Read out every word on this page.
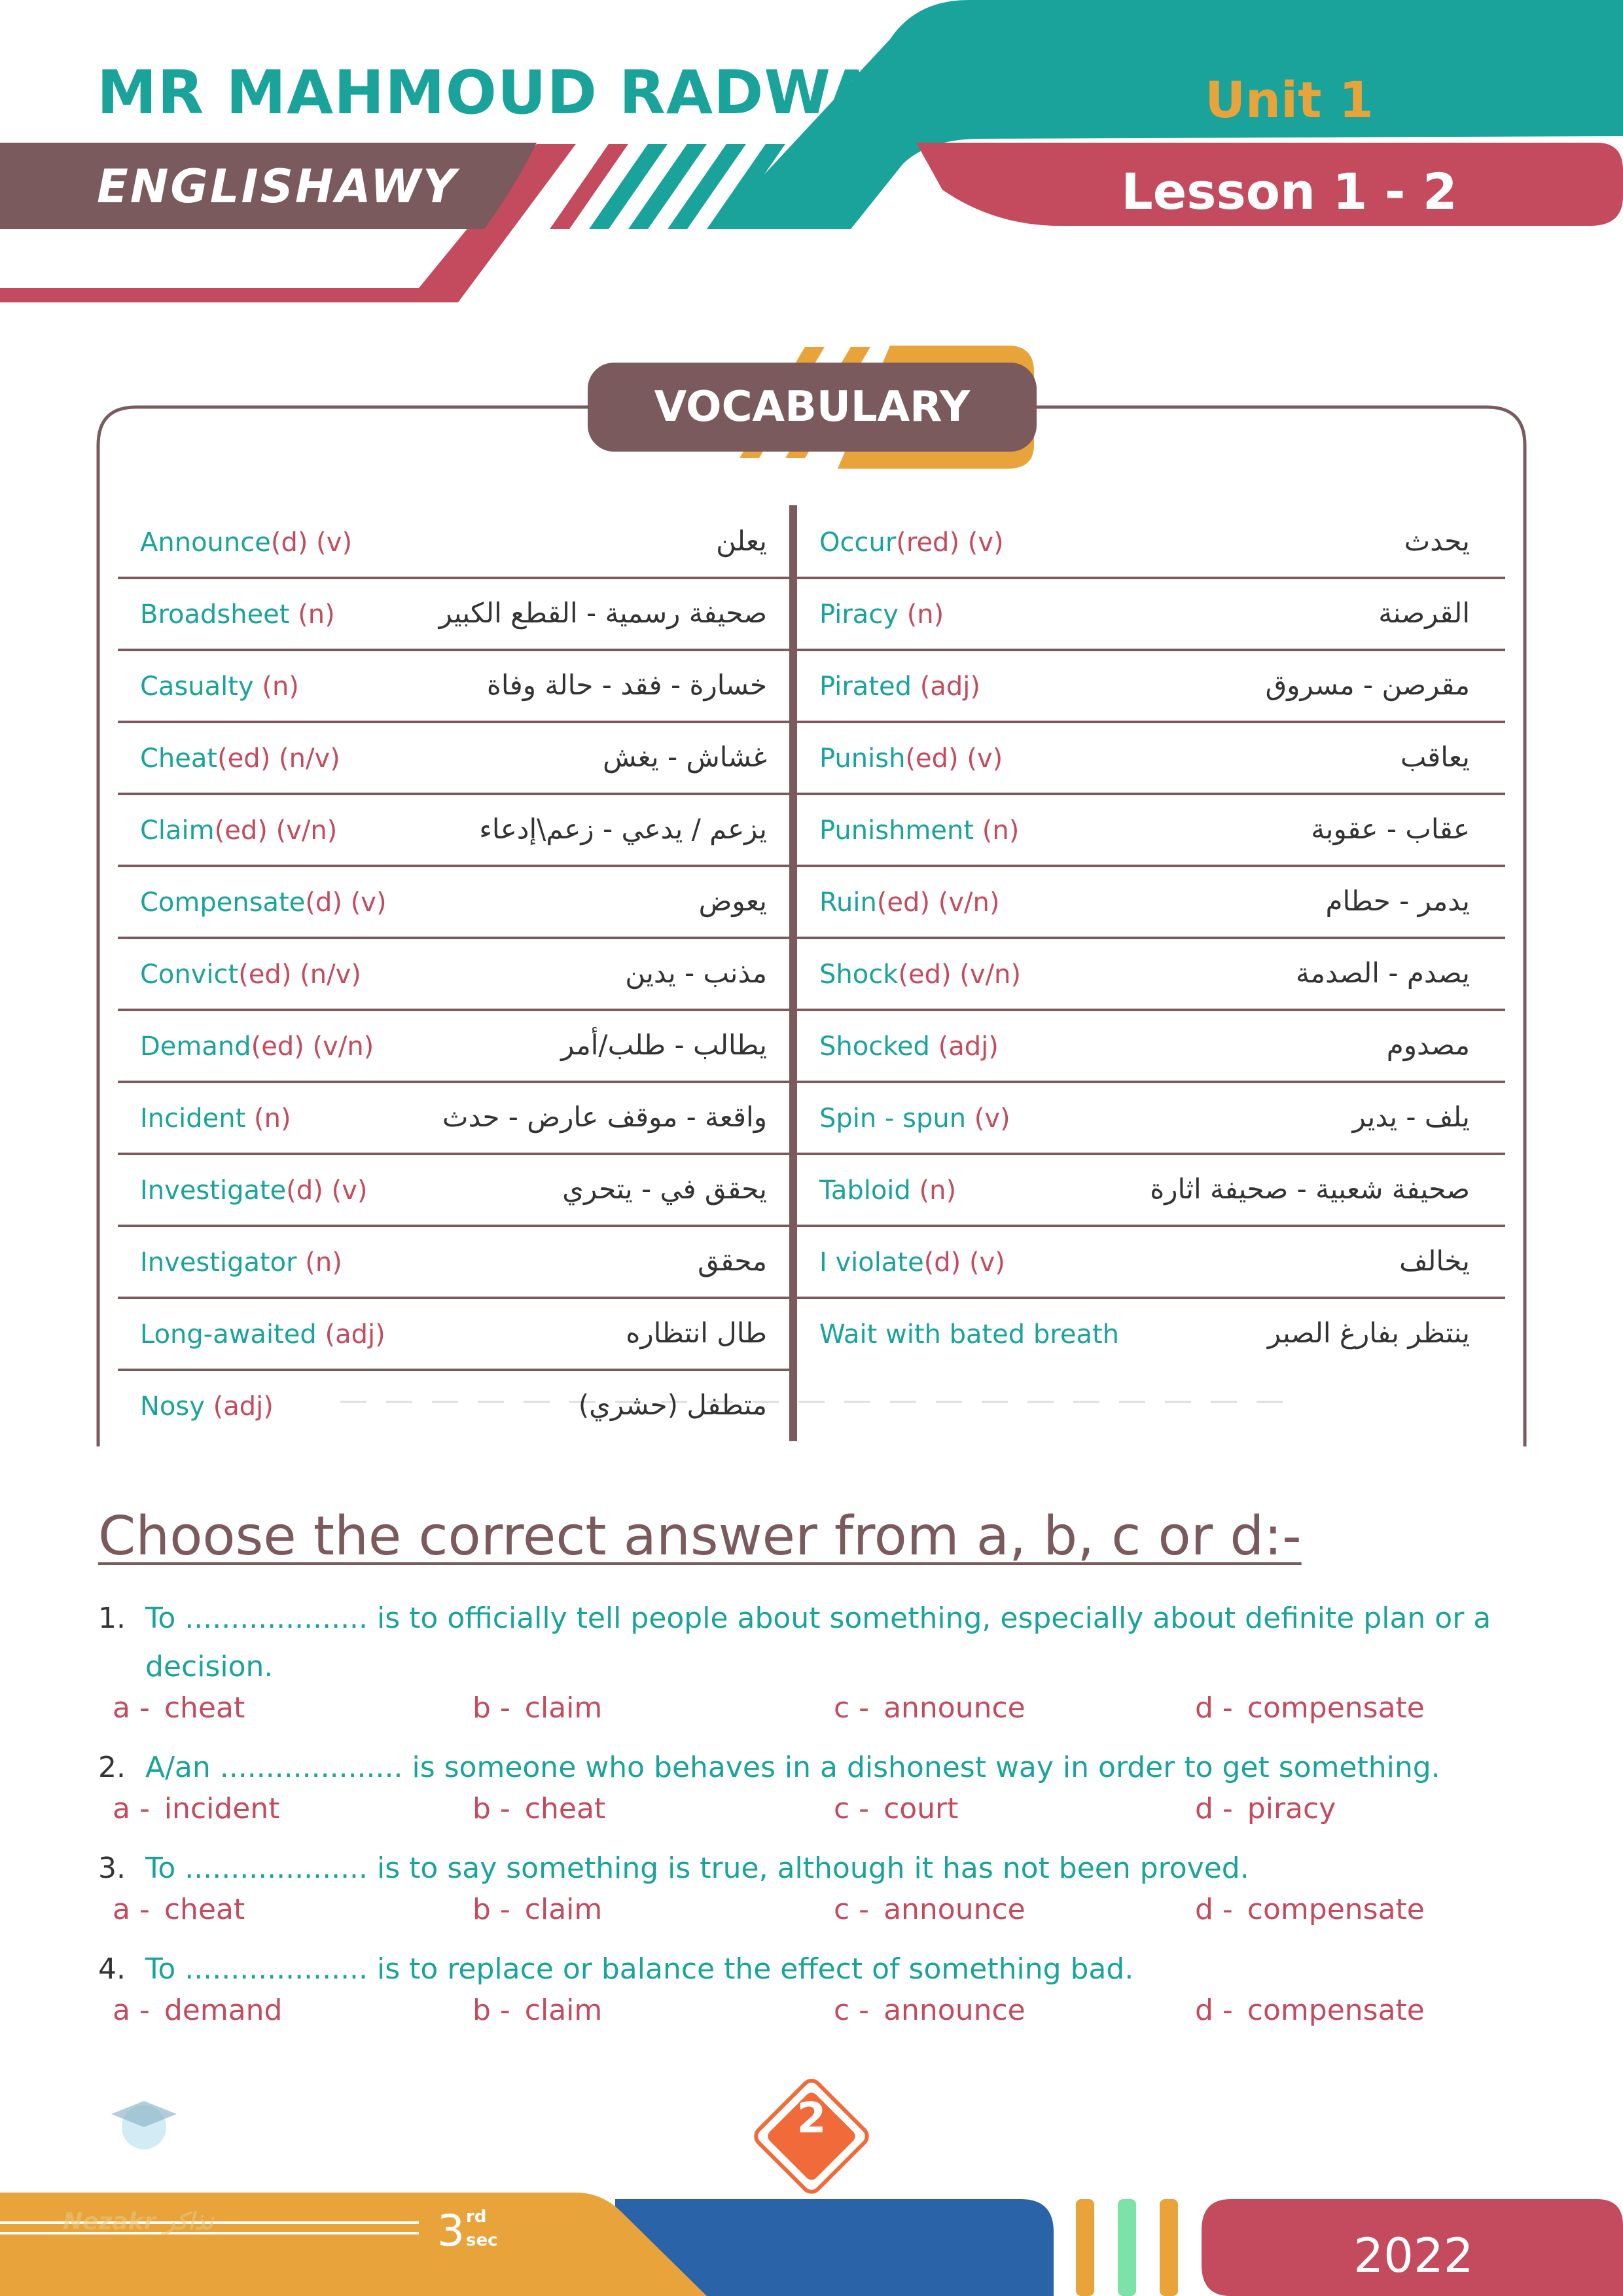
MR MAHMOUD RADWAN
ENGLISHAWY
Unit 1
Lesson 1 - 2
VOCABULARY
Announce(d) (v)	يعلن
Broadsheet (n)	صحيفة رسمية - القطع الكبير
Casualty (n)	خسارة - فقد - حالة وفاة
Cheat(ed) (n/v)	غشاش - يغش
Claim(ed) (v/n)	يزعم / يدعي - زعم\إدعاء
Compensate(d) (v)	يعوض
Convict(ed) (n/v)	مذنب - يدين
Demand(ed) (v/n)	يطالب - طلب/أمر
Incident (n)	واقعة - موقف عارض - حدث
Investigate(d) (v)	يحقق في - يتحري
Investigator (n)	محقق
Long-awaited (adj)	طال انتظاره
Nosy (adj)	متطفل (حشري)
Occur(red) (v)	يحدث
Piracy (n)	القرصنة
Pirated (adj)	مقرصن - مسروق
Punish(ed) (v)	يعاقب
Punishment (n)	عقاب - عقوبة
Ruin(ed) (v/n)	يدمر - حطام
Shock(ed) (v/n)	يصدم - الصدمة
Shocked (adj)	مصدوم
Spin - spun (v)	يلف - يدير
Tabloid (n)	صحيفة شعبية - صحيفة اثارة
I violate(d) (v)	يخالف
Wait with bated breath	ينتظر بفارغ الصبر
Choose the correct answer from a, b, c or d:-
1. To .................... is to officially tell people about something, especially about definite plan or a decision.
a - cheat	b - claim	c - announce	d - compensate
2. A/an .................... is someone who behaves in a dishonest way in order to get something.
a - incident	b - cheat	c - court	d - piracy
3. To .................... is to say something is true, although it has not been proved.
a - cheat	b - claim	c - announce	d - compensate
4. To .................... is to replace or balance the effect of something bad.
a - demand	b - claim	c - announce	d - compensate
2
Nezakr نذاكر	3 rd
sec	2022
